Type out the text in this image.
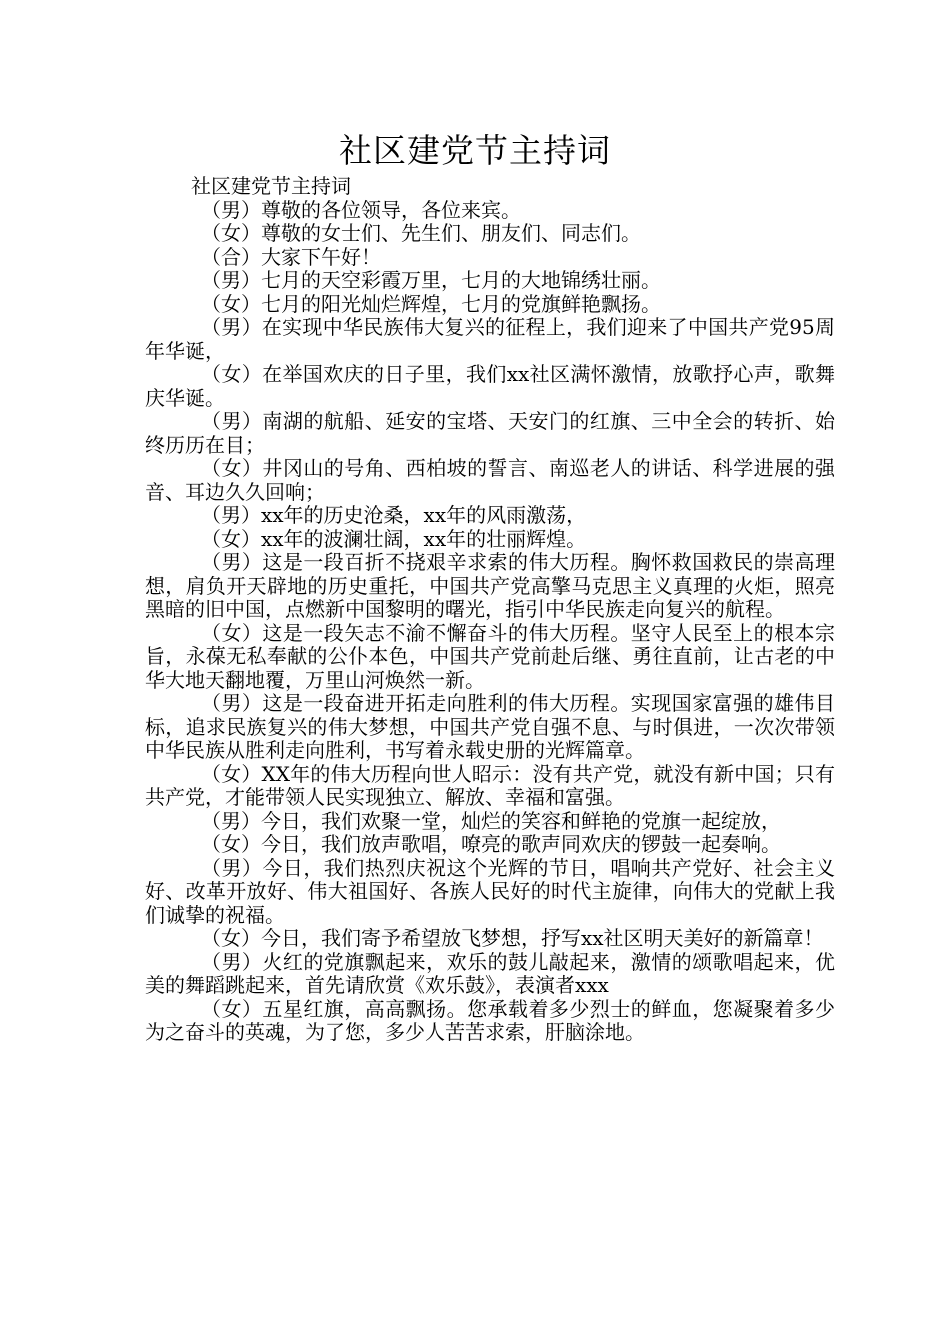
社区建党节主持词

社区建党节主持词

（男）尊敬的各位领导，各位来宾。

（女）尊敬的女士们、先生们、朋友们、同志们。

（合）大家下午好！

（男）七月的天空彩霞万里，七月的大地锦绣壮丽。

（女）七月的阳光灿烂辉煌，七月的党旗鲜艳飘扬。

（男）在实现中华民族伟大复兴的征程上，我们迎来了中国共产党95周年华诞，

（女）在举国欢庆的日子里，我们xx社区满怀激情，放歌抒心声，歌舞庆华诞。

（男）南湖的航船、延安的宝塔、天安门的红旗、三中全会的转折、始终历历在目；

（女）井冈山的号角、西柏坡的誓言、南巡老人的讲话、科学进展的强音、耳边久久回响；

（男）xx年的历史沧桑，xx年的风雨激荡，

（女）xx年的波澜壮阔，xx年的壮丽辉煌。

（男）这是一段百折不挠艰辛求索的伟大历程。胸怀救国救民的崇高理想，肩负开天辟地的历史重托，中国共产党高擎马克思主义真理的火炬，照亮黑暗的旧中国，点燃新中国黎明的曙光，指引中华民族走向复兴的航程。

（女）这是一段矢志不渝不懈奋斗的伟大历程。坚守人民至上的根本宗旨，永葆无私奉献的公仆本色，中国共产党前赴后继、勇往直前，让古老的中华大地天翻地覆，万里山河焕然一新。

（男）这是一段奋进开拓走向胜利的伟大历程。实现国家富强的雄伟目标，追求民族复兴的伟大梦想，中国共产党自强不息、与时俱进，一次次带领中华民族从胜利走向胜利，书写着永载史册的光辉篇章。

（女）XX年的伟大历程向世人昭示：没有共产党，就没有新中国；只有共产党，才能带领人民实现独立、解放、幸福和富强。

（男）今日，我们欢聚一堂，灿烂的笑容和鲜艳的党旗一起绽放，

（女）今日，我们放声歌唱，嘹亮的歌声同欢庆的锣鼓一起奏响。

（男）今日，我们热烈庆祝这个光辉的节日，唱响共产党好、社会主义好、改革开放好、伟大祖国好、各族人民好的时代主旋律，向伟大的党献上我们诚挚的祝福。

（女）今日，我们寄予希望放飞梦想，抒写xx社区明天美好的新篇章！

（男）火红的党旗飘起来，欢乐的鼓儿敲起来，激情的颂歌唱起来，优美的舞蹈跳起来，首先请欣赏《欢乐鼓》，表演者xxx

（女）五星红旗，高高飘扬。您承载着多少烈士的鲜血，您凝聚着多少为之奋斗的英魂，为了您，多少人苦苦求索，肝脑涂地。
